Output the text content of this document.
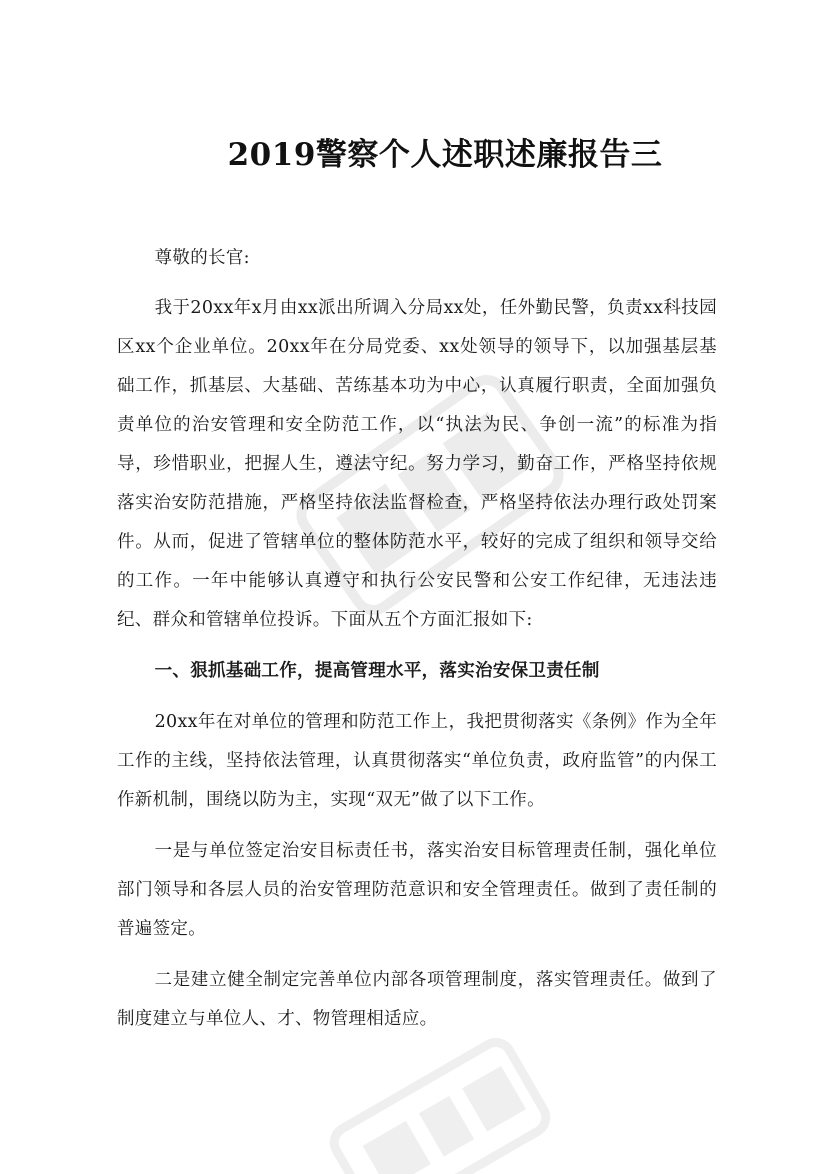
2019警察个人述职述廉报告三

尊敬的长官:

我于20xx年x月由xx派出所调入分局xx处，任外勤民警，负责xx科技园区xx个企业单位。20xx年在分局党委、xx处领导的领导下，以加强基层基础工作，抓基层、大基础、苦练基本功为中心，认真履行职责，全面加强负责单位的治安管理和安全防范工作，以“执法为民、争创一流”的标准为指导，珍惜职业，把握人生，遵法守纪。努力学习，勤奋工作，严格坚持依规落实治安防范措施，严格坚持依法监督检查，严格坚持依法办理行政处罚案件。从而，促进了管辖单位的整体防范水平，较好的完成了组织和领导交给的工作。一年中能够认真遵守和执行公安民警和公安工作纪律，无违法违纪、群众和管辖单位投诉。下面从五个方面汇报如下:

一、狠抓基础工作，提高管理水平，落实治安保卫责任制

20xx年在对单位的管理和防范工作上，我把贯彻落实《条例》作为全年工作的主线，坚持依法管理，认真贯彻落实“单位负责，政府监管”的内保工作新机制，围绕以防为主，实现“双无”做了以下工作。

一是与单位签定治安目标责任书，落实治安目标管理责任制，强化单位部门领导和各层人员的治安管理防范意识和安全管理责任。做到了责任制的普遍签定。

二是建立健全制定完善单位内部各项管理制度，落实管理责任。做到了制度建立与单位人、才、物管理相适应。
